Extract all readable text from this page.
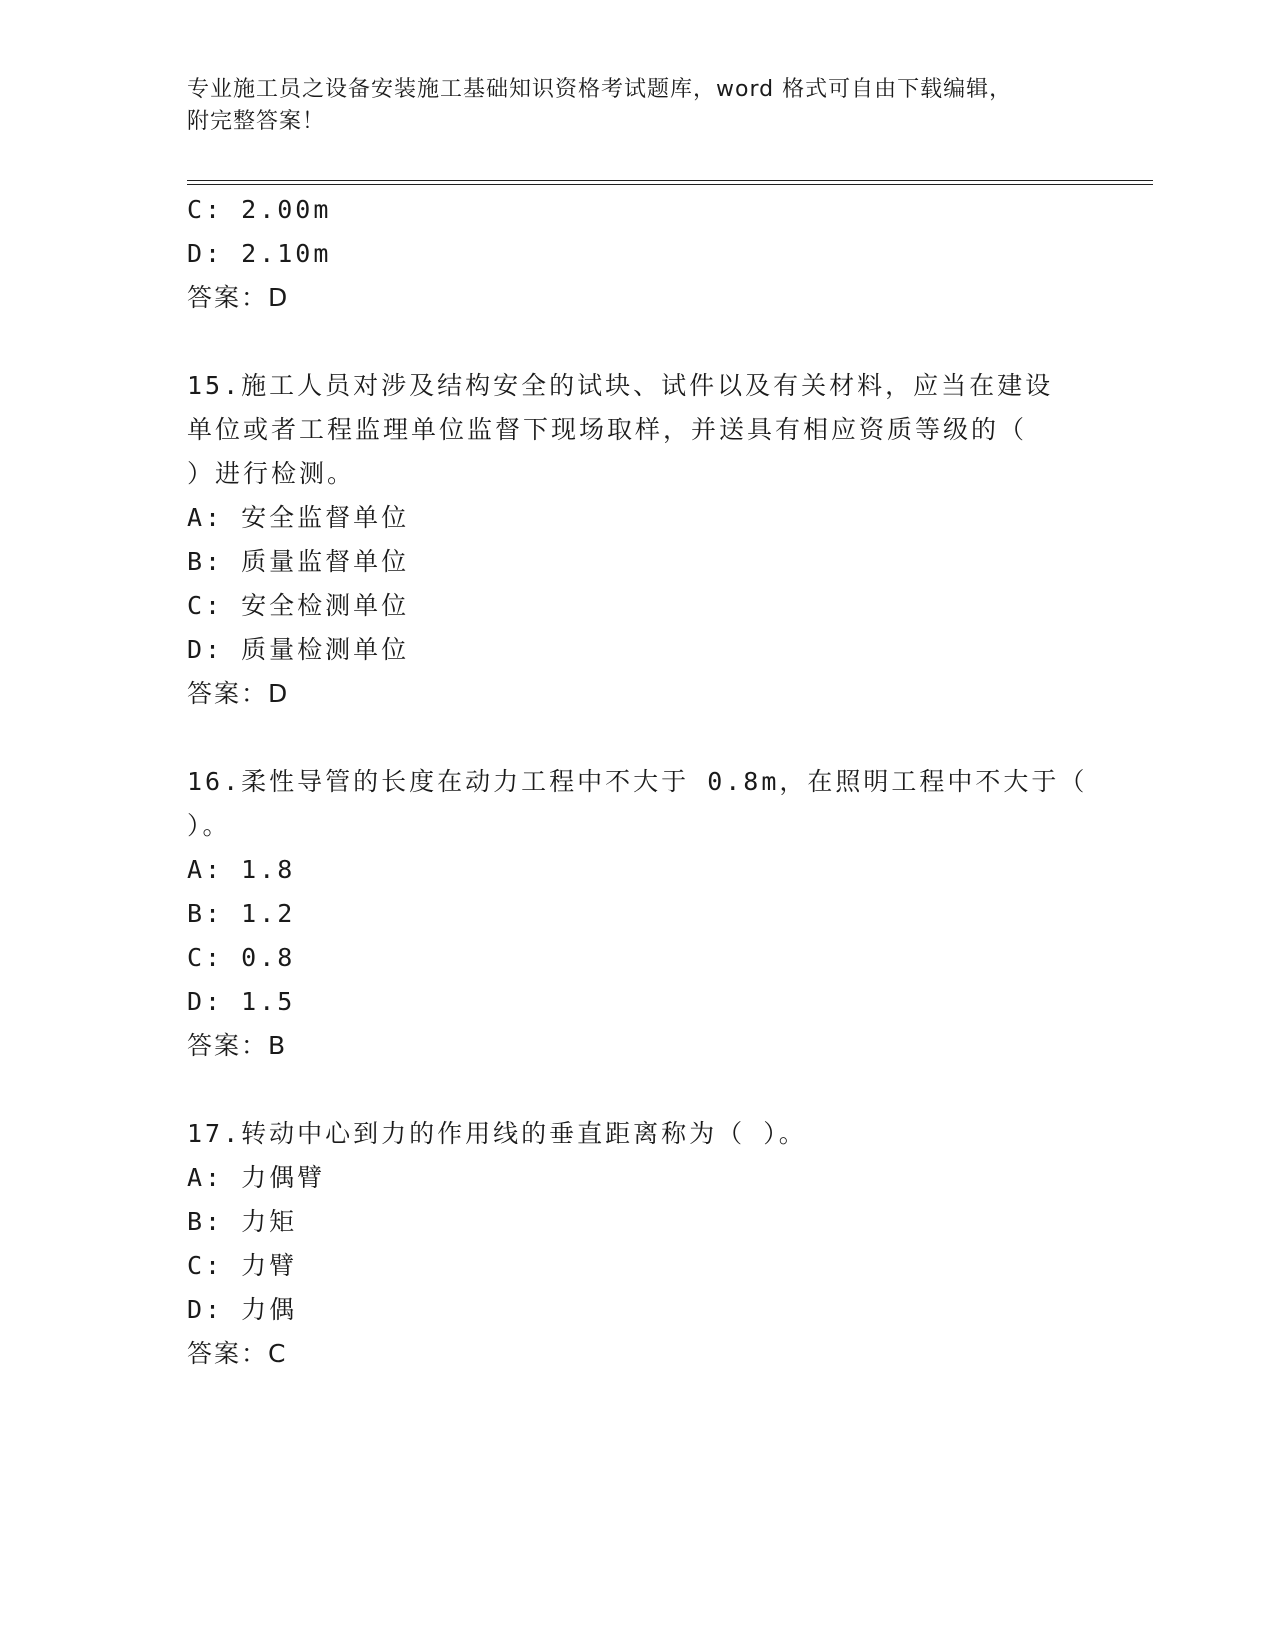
专业施工员之设备安装施工基础知识资格考试题库，word 格式可自由下载编辑，
附完整答案！
C: 2.00m
D: 2.10m
答案：D
15.施工人员对涉及结构安全的试块、试件以及有关材料，应当在建设
单位或者工程监理单位监督下现场取样，并送具有相应资质等级的（
）进行检测。
A: 安全监督单位
B: 质量监督单位
C: 安全检测单位
D: 质量检测单位
答案：D
16.柔性导管的长度在动力工程中不大于 0.8m，在照明工程中不大于（
）。
A: 1.8
B: 1.2
C: 0.8
D: 1.5
答案：B
17.转动中心到力的作用线的垂直距离称为（ ）。
A: 力偶臂
B: 力矩
C: 力臂
D: 力偶
答案：C
